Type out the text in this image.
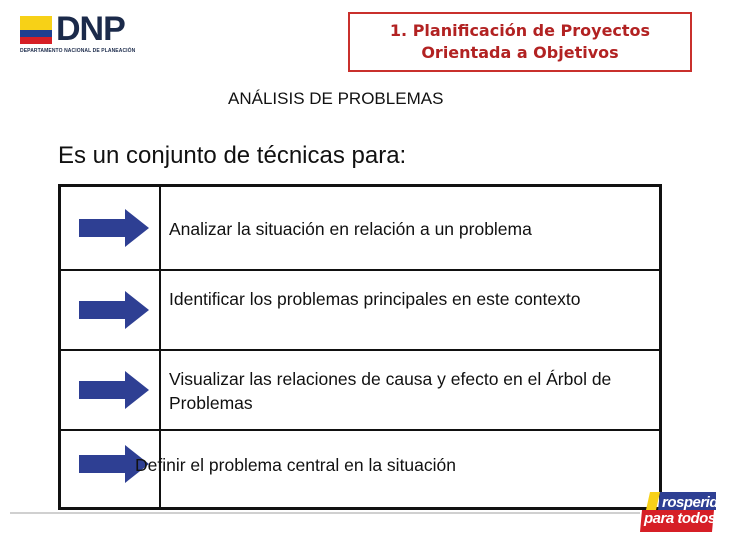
DNP
DEPARTAMENTO NACIONAL DE PLANEACIÓN
1. Planificación de Proyectos
Orientada a Objetivos
ANÁLISIS DE PROBLEMAS
Es un conjunto de técnicas para:
Analizar la situación en relación a un problema
Identificar los problemas principales en este contexto
Visualizar las relaciones de causa y efecto en el Árbol de Problemas
Definir el problema central en la situación
rosperidad
para todos
